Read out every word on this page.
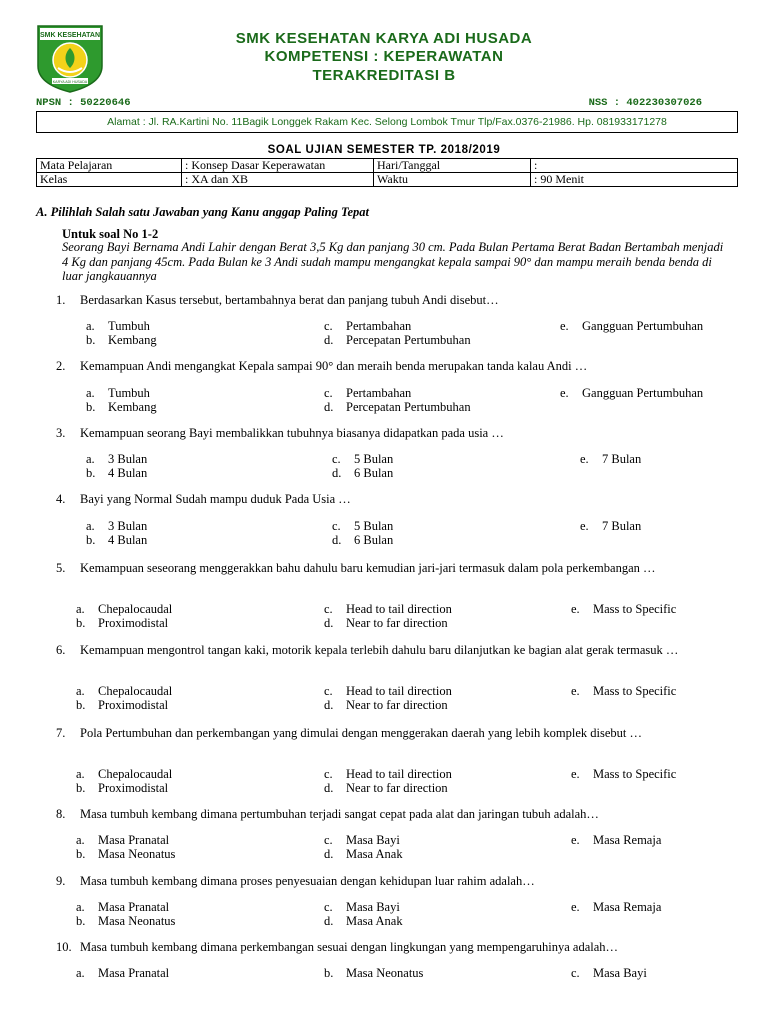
SMK KESEHATAN
KARYA ADI HUSADA
SMK KESEHATAN KARYA ADI HUSADA
KOMPETENSI : KEPERAWATAN
TERAKREDITASI B
NPSN : 50220646	NSS : 402230307026
Alamat : Jl. RA.Kartini No. 11Bagik Longgek Rakam Kec. Selong Lombok Tmur Tlp/Fax.0376-21986. Hp. 081933171278
SOAL UJIAN SEMESTER TP. 2018/2019
Mata Pelajaran	: Konsep Dasar Keperawatan	Hari/Tanggal	:
Kelas	: XA dan XB	Waktu	: 90 Menit
A. Pilihlah Salah satu Jawaban yang Kanu anggap Paling Tepat
Untuk soal No 1-2
Seorang Bayi Bernama Andi Lahir dengan Berat 3,5 Kg dan panjang 30 cm. Pada Bulan Pertama Berat Badan Bertambah menjadi 4 Kg dan panjang 45cm. Pada Bulan ke 3 Andi sudah mampu mengangkat kepala sampai 90° dan mampu meraih benda benda di luar jangkauannya
1. Berdasarkan Kasus tersebut, bertambahnya berat dan panjang tubuh Andi disebut…
a. Tumbuh	c. Pertambahan	e. Gangguan Pertumbuhan
b. Kembang	d. Percepatan Pertumbuhan
2. Kemampuan Andi mengangkat Kepala sampai 90° dan meraih benda merupakan tanda kalau Andi …
a. Tumbuh	c. Pertambahan	e. Gangguan Pertumbuhan
b. Kembang	d. Percepatan Pertumbuhan
3. Kemampuan seorang Bayi membalikkan tubuhnya biasanya didapatkan pada usia …
a. 3 Bulan	c. 5 Bulan	e. 7 Bulan
b. 4 Bulan	d. 6 Bulan
4. Bayi yang Normal Sudah mampu duduk Pada Usia …
a. 3 Bulan	c. 5 Bulan	e. 7 Bulan
b. 4 Bulan	d. 6 Bulan
5. Kemampuan seseorang menggerakkan bahu dahulu baru kemudian jari-jari termasuk dalam pola perkembangan …
a. Chepalocaudal	c. Head to tail direction	e. Mass to Specific
b. Proximodistal	d. Near to far direction
6. Kemampuan mengontrol tangan kaki, motorik kepala terlebih dahulu baru dilanjutkan ke bagian alat gerak termasuk …
a. Chepalocaudal	c. Head to tail direction	e. Mass to Specific
b. Proximodistal	d. Near to far direction
7. Pola Pertumbuhan dan perkembangan yang dimulai dengan menggerakan daerah yang lebih komplek disebut …
a. Chepalocaudal	c. Head to tail direction	e. Mass to Specific
b. Proximodistal	d. Near to far direction
8. Masa tumbuh kembang dimana pertumbuhan terjadi sangat cepat pada alat dan jaringan tubuh adalah…
a. Masa Pranatal	c. Masa Bayi	e. Masa Remaja
b. Masa Neonatus	d. Masa Anak
9. Masa tumbuh kembang dimana proses penyesuaian dengan kehidupan luar rahim adalah…
a. Masa Pranatal	c. Masa Bayi	e. Masa Remaja
b. Masa Neonatus	d. Masa Anak
10. Masa tumbuh kembang dimana perkembangan sesuai dengan lingkungan yang mempengaruhinya adalah…
a. Masa Pranatal	b. Masa Neonatus	c. Masa Bayi
